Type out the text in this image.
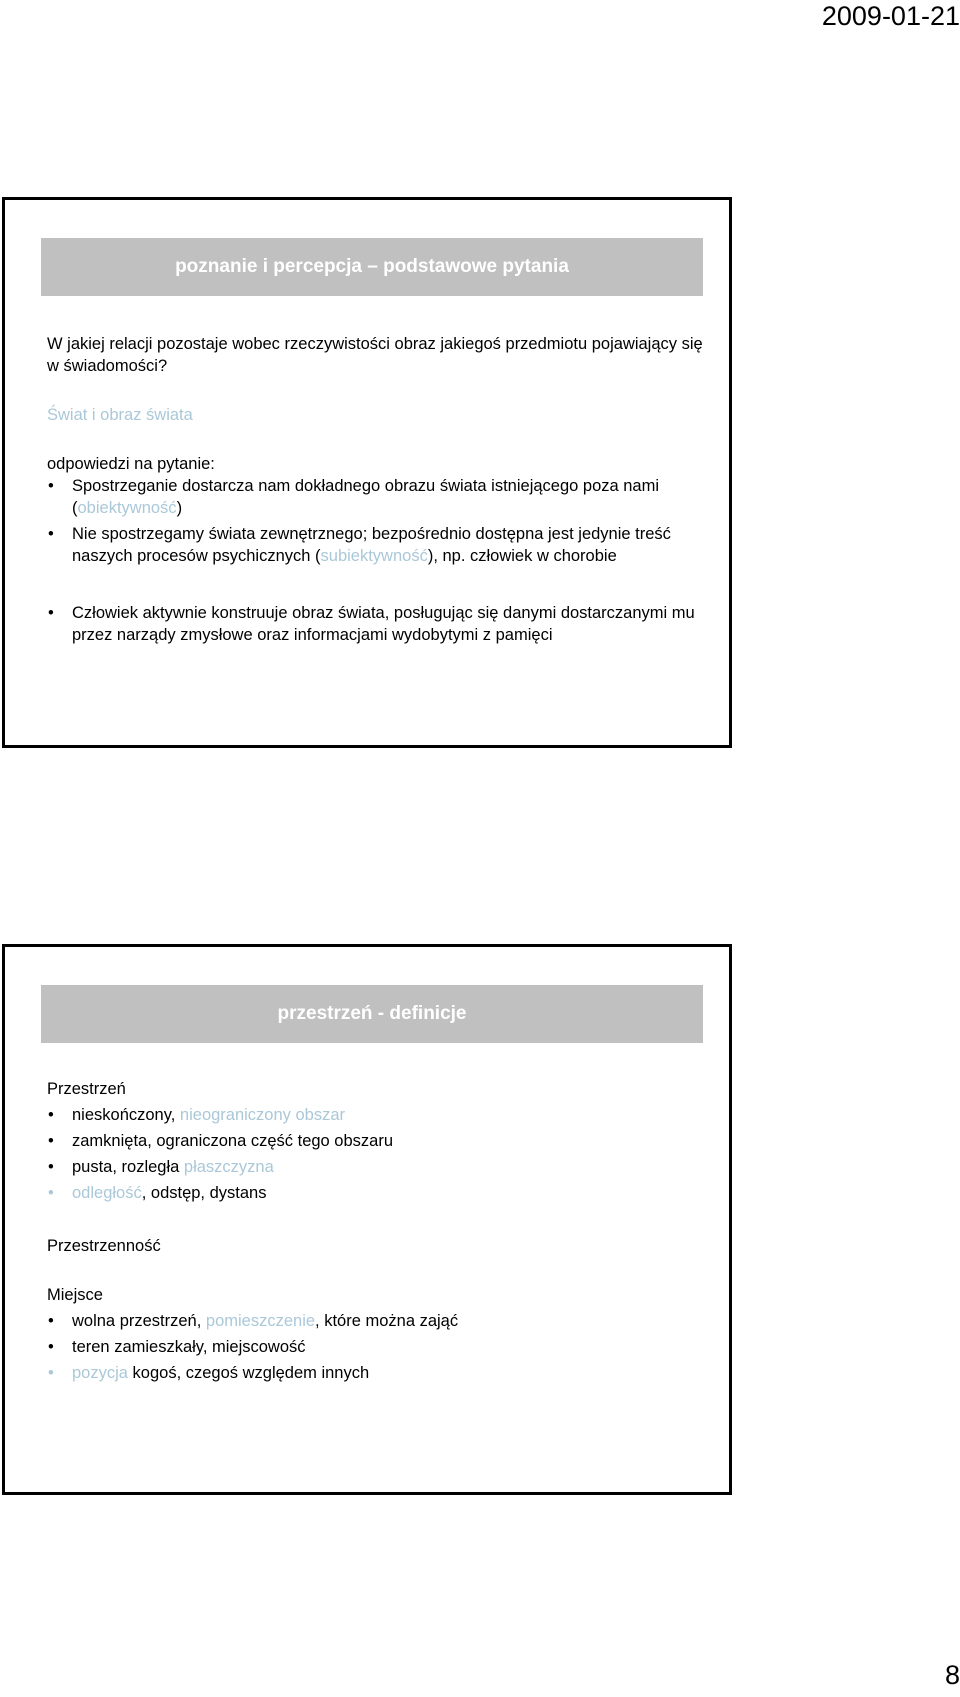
2009-01-21
poznanie i percepcja – podstawowe pytania

W jakiej relacji pozostaje wobec rzeczywistości obraz jakiegoś przedmiotu pojawiający się w świadomości?

Świat i obraz świata

odpowiedzi na pytanie:

• Spostrzeganie dostarcza nam dokładnego obrazu świata istniejącego poza nami (obiektywność)
• Nie spostrzegamy świata zewnętrznego; bezpośrednio dostępna jest jedynie treść naszych procesów psychicznych (subiektywność), np. człowiek w chorobie
• Człowiek aktywnie konstruuje obraz świata, posługując się danymi dostarczanymi mu przez narządy zmysłowe oraz informacjami wydobytymi z pamięci
przestrzeń - definicje

Przestrzeń

• nieskończony, nieograniczony obszar
• zamknięta, ograniczona część tego obszaru
• pusta, rozległa płaszczyzna
• odległość, odstęp, dystans

Przestrzenność

Miejsce

• wolna przestrzeń, pomieszczenie, które można zająć
• teren zamieszkały, miejscowość
• pozycja kogoś, czegoś względem innych
8
